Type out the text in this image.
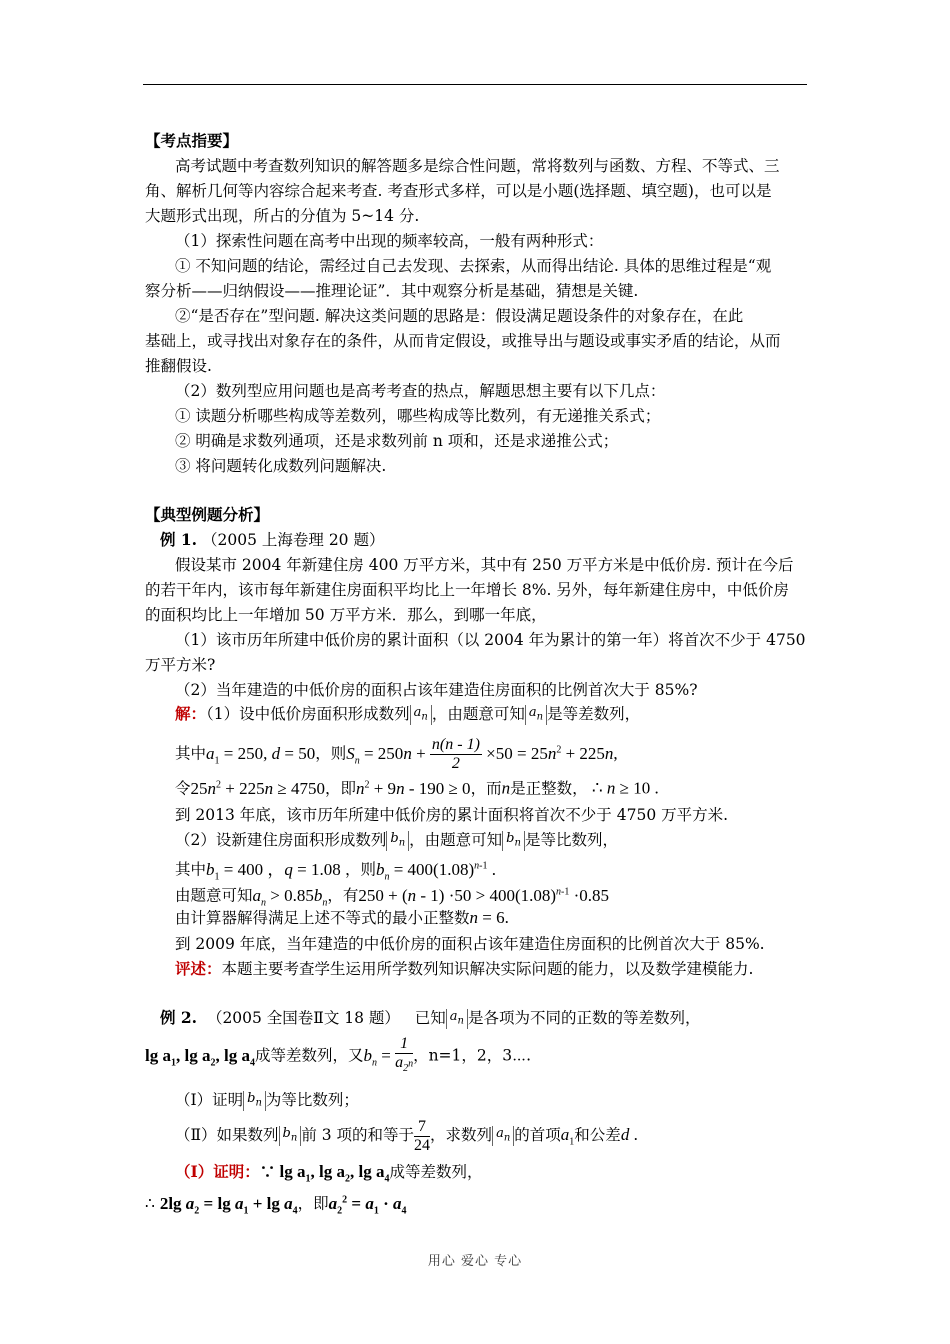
【考点指要】
高考试题中考查数列知识的解答题多是综合性问题，常将数列与函数、方程、不等式、三
角、解析几何等内容综合起来考查. 考查形式多样，可以是小题(选择题、填空题)，也可以是
大题形式出现，所占的分值为 5~14 分.
（1）探索性问题在高考中出现的频率较高，一般有两种形式：
① 不知问题的结论，需经过自己去发现、去探索，从而得出结论. 具体的思维过程是“观
察分析——归纳假设——推理论证”．其中观察分析是基础，猜想是关键.
②“是否存在”型问题. 解决这类问题的思路是：假设满足题设条件的对象存在，在此
基础上，或寻找出对象存在的条件，从而肯定假设，或推导出与题设或事实矛盾的结论，从而
推翻假设.
（2）数列型应用问题也是高考考查的热点，解题思想主要有以下几点：
① 读题分析哪些构成等差数列，哪些构成等比数列，有无递推关系式；
② 明确是求数列通项，还是求数列前 n 项和，还是求递推公式；
③ 将问题转化成数列问题解决.
【典型例题分析】
例 1. （2005 上海卷理 20 题）
假设某市 2004 年新建住房 400 万平方米，其中有 250 万平方米是中低价房. 预计在今后
的若干年内，该市每年新建住房面积平均比上一年增长 8%. 另外，每年新建住房中，中低价房
的面积均比上一年增加 50 万平方米．那么，到哪一年底，
（1）该市历年所建中低价房的累计面积（以 2004 年为累计的第一年）将首次不少于 4750
万平方米?
（2）当年建造的中低价房的面积占该年建造住房面积的比例首次大于 85%?
解：（1）设中低价房面积形成数列 $a_n$ ，由题意可知 $a_n$ 是等差数列，
其中$a_1 = 250$, d = 50，则$S_n = 250n + \frac{n(n - 1)}{2} \times 50 = 25n^2 + 225n$,
令$25n^2 + 225n \ge 4750$，即$n^2 + 9n - 190 \ge 0$，而n是正整数， ∴ n ≥ 10 .
到 2013 年底，该市历年所建中低价房的累计面积将首次不少于 4750 万平方米.
（2）设新建住房面积形成数列 $b_n$ ，由题意可知 $b_n$ 是等比数列，
其中$b_1 = 400$ ，q = 1.08 ，则$b_n = 400(1.08)^{n-1}$ .
由题意可知$a_n > 0.85b_n$，有$250 + (n - 1) \cdot 50 > 400(1.08)^{n-1} \cdot 0.85$
由计算器解得满足上述不等式的最小正整数n = 6.
到 2009 年底，当年建造的中低价房的面积占该年建造住房面积的比例首次大于 85%.
评述：本题主要考查学生运用所学数列知识解决实际问题的能力，以及数学建模能力.
例 2. （2005 全国卷Ⅱ文 18 题） 已知 $a_n$ 是各项为不同的正数的等差数列，
$\lg a_1$, $\lg a_2$, $\lg a_4$成等差数列，又$b_n = \frac{1}{a_{2^n}}$ ，n=1，2，3⋯.
（Ⅰ）证明 $b_n$ 为等比数列；
（Ⅱ）如果数列 $b_n$ 前 3 项的和等于 $\frac{7}{24}$ ，求数列 $a_n$ 的首项$a_1$和公差d .
（Ⅰ）证明：∵ $\lg a_1$, $\lg a_2$, $\lg a_4$成等差数列，
∴ 2lg $a_2 = \lg a_1 + \lg a_4$，即$a_2^2 = a_1 \cdot a_4$
用心 爱心 专心
